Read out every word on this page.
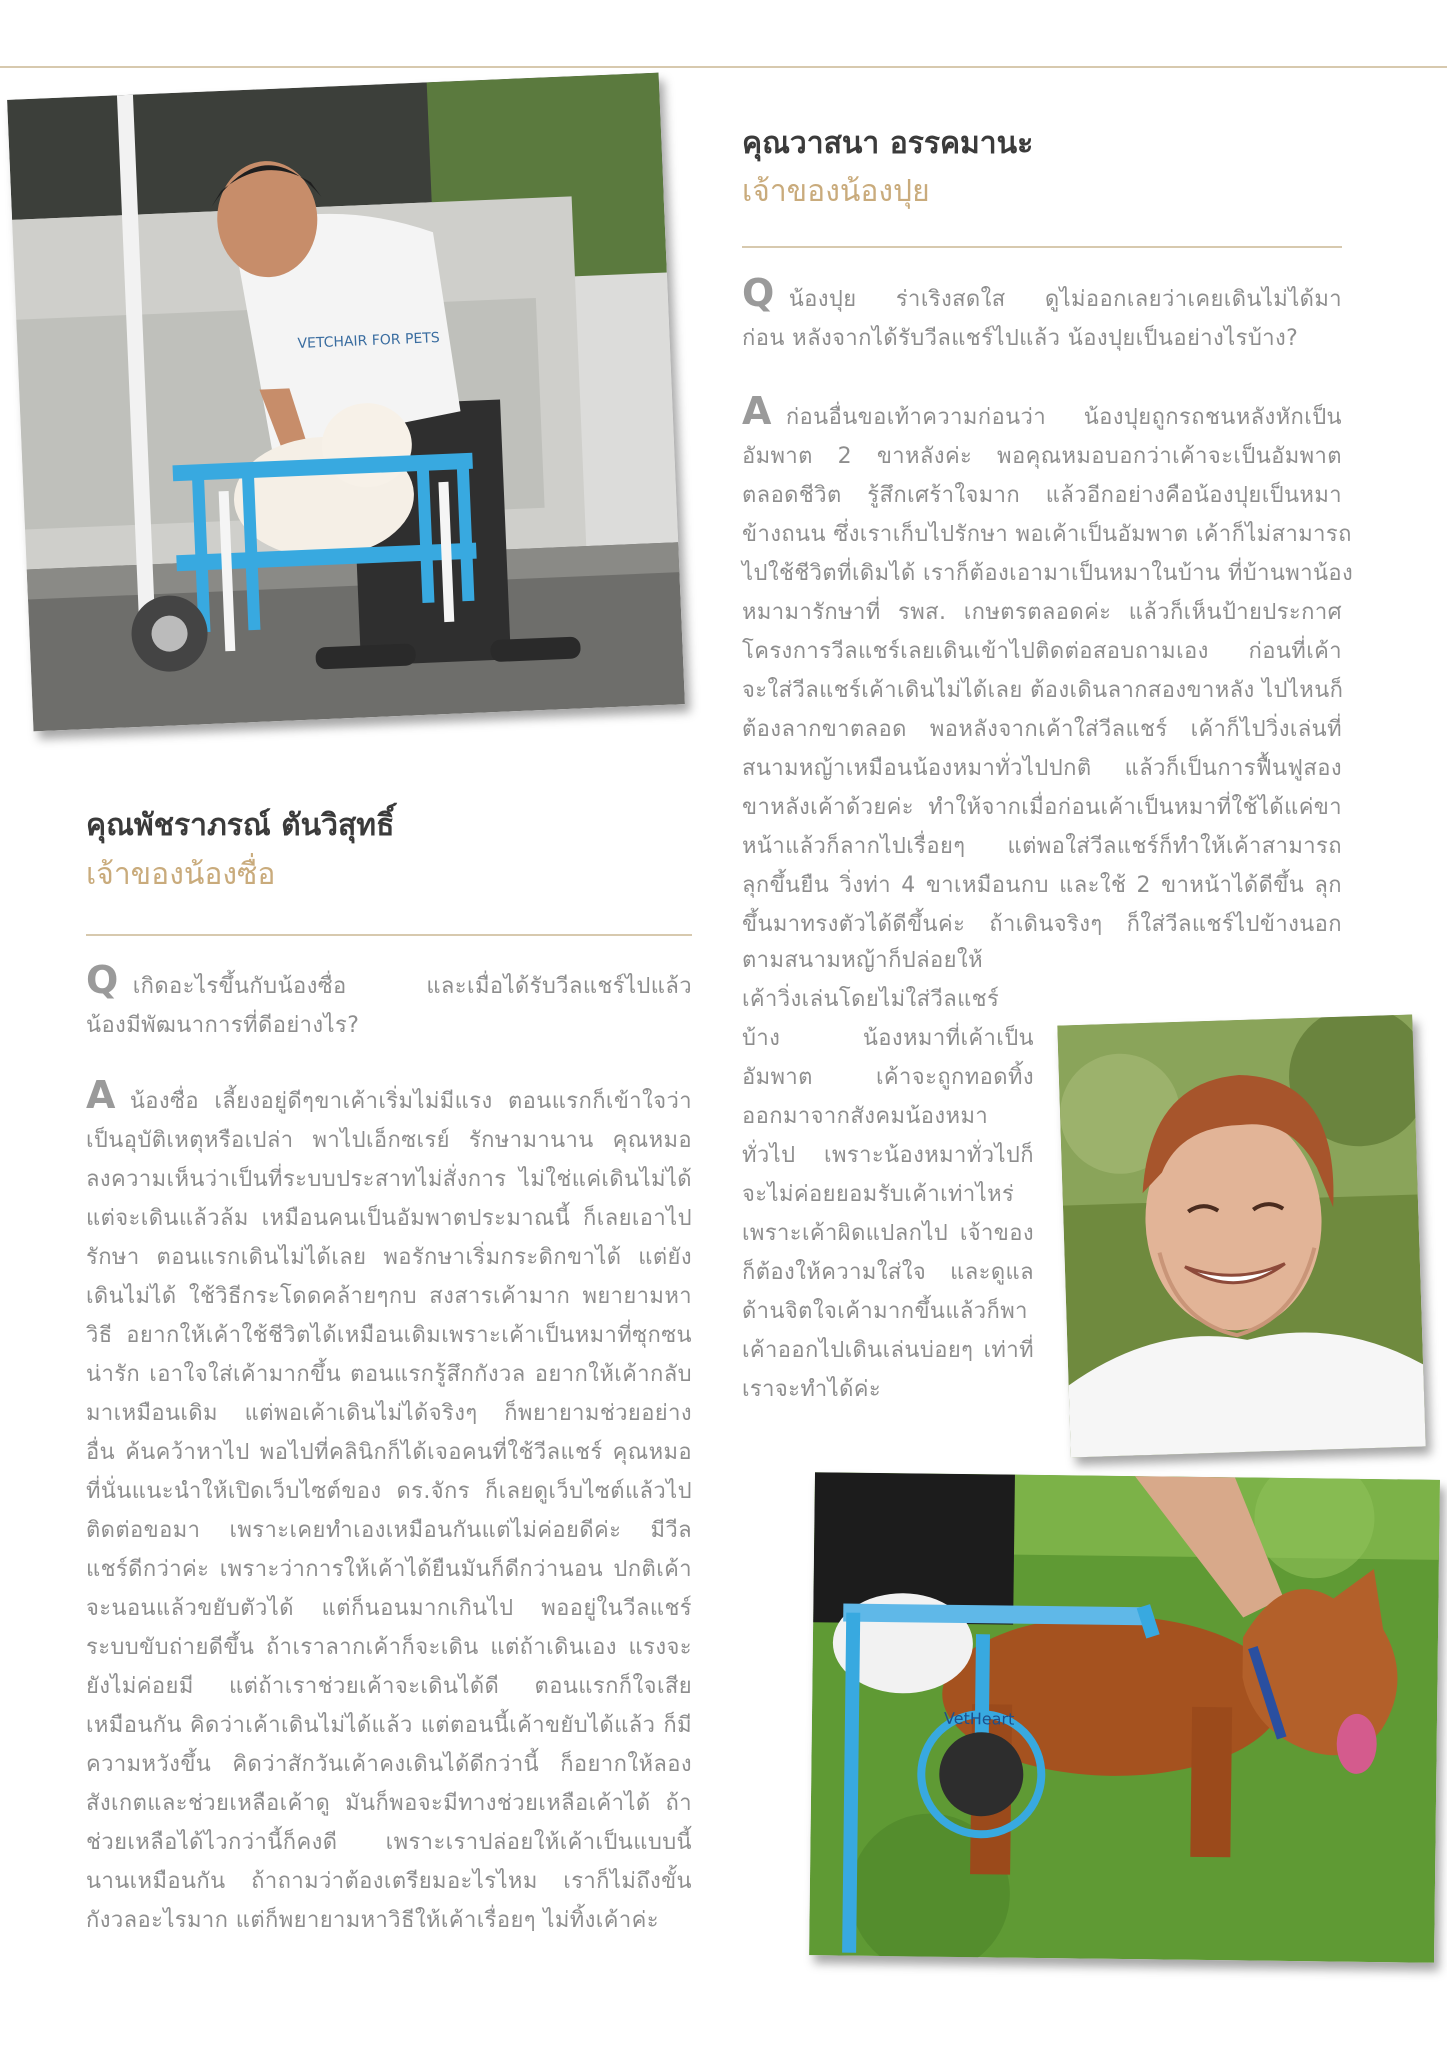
VETCHAIR FOR PETS
คุณวาสนา อรรคมานะ

เจ้าของน้องปุย

Qน้องปุย ร่าเริงสดใส ดูไม่ออกเลยว่าเคยเดินไม่ได้มา
ก่อน หลังจากได้รับวีลแชร์ไปแล้ว น้องปุยเป็นอย่างไรบ้าง?
Aก่อนอื่นขอเท้าความก่อนว่า น้องปุยถูกรถชนหลังหักเป็น
อัมพาต 2 ขาหลังค่ะ พอคุณหมอบอกว่าเค้าจะเป็นอัมพาต
ตลอดชีวิต รู้สึกเศร้าใจมาก แล้วอีกอย่างคือน้องปุยเป็นหมา
ข้างถนน ซึ่งเราเก็บไปรักษา พอเค้าเป็นอัมพาต เค้าก็ไม่สามารถ
ไปใช้ชีวิตที่เดิมได้ เราก็ต้องเอามาเป็นหมาในบ้าน ที่บ้านพาน้อง
หมามารักษาที่ รพส. เกษตรตลอดค่ะ แล้วก็เห็นป้ายประกาศ
โครงการวีลแชร์เลยเดินเข้าไปติดต่อสอบถามเอง ก่อนที่เค้า
จะใส่วีลแชร์เค้าเดินไม่ได้เลย ต้องเดินลากสองขาหลัง ไปไหนก็
ต้องลากขาตลอด พอหลังจากเค้าใส่วีลแชร์ เค้าก็ไปวิ่งเล่นที่
สนามหญ้าเหมือนน้องหมาทั่วไปปกติ แล้วก็เป็นการฟื้นฟูสอง
ขาหลังเค้าด้วยค่ะ ทำให้จากเมื่อก่อนเค้าเป็นหมาที่ใช้ได้แค่ขา
หน้าแล้วก็ลากไปเรื่อยๆ แต่พอใส่วีลแชร์ก็ทำให้เค้าสามารถ
ลุกขึ้นยืน วิ่งท่า 4 ขาเหมือนกบ และใช้ 2 ขาหน้าได้ดีขึ้น ลุก
ขึ้นมาทรงตัวได้ดีขึ้นค่ะ ถ้าเดินจริงๆ ก็ใส่วีลแชร์ไปข้างนอก
ตามสนามหญ้าก็ปล่อยให้
เค้าวิ่งเล่นโดยไม่ใส่วีลแชร์
บ้าง น้องหมาที่เค้าเป็น
อัมพาต เค้าจะถูกทอดทิ้ง
ออกมาจากสังคมน้องหมา
ทั่วไป เพราะน้องหมาทั่วไปก็
จะไม่ค่อยยอมรับเค้าเท่าไหร่
เพราะเค้าผิดแปลกไป เจ้าของ
ก็ต้องให้ความใส่ใจ และดูแล
ด้านจิตใจเค้ามากขึ้นแล้วก็พา
เค้าออกไปเดินเล่นบ่อยๆ เท่าที่
เราจะทำได้ค่ะ
คุณพัชราภรณ์ ตันวิสุทธิ์

เจ้าของน้องซื่อ

Qเกิดอะไรขึ้นกับน้องซื่อ และเมื่อได้รับวีลแชร์ไปแล้ว
น้องมีพัฒนาการที่ดีอย่างไร?
Aน้องซื่อ เลี้ยงอยู่ดีๆขาเค้าเริ่มไม่มีแรง ตอนแรกก็เข้าใจว่า
เป็นอุบัติเหตุหรือเปล่า พาไปเอ็กซเรย์ รักษามานาน คุณหมอ
ลงความเห็นว่าเป็นที่ระบบประสาทไม่สั่งการ ไม่ใช่แค่เดินไม่ได้
แต่จะเดินแล้วล้ม เหมือนคนเป็นอัมพาตประมาณนี้ ก็เลยเอาไป
รักษา ตอนแรกเดินไม่ได้เลย พอรักษาเริ่มกระดิกขาได้ แต่ยัง
เดินไม่ได้ ใช้วิธีกระโดดคล้ายๆกบ สงสารเค้ามาก พยายามหา
วิธี อยากให้เค้าใช้ชีวิตได้เหมือนเดิมเพราะเค้าเป็นหมาที่ซุกซน
น่ารัก เอาใจใส่เค้ามากขึ้น ตอนแรกรู้สึกกังวล อยากให้เค้ากลับ
มาเหมือนเดิม แต่พอเค้าเดินไม่ได้จริงๆ ก็พยายามช่วยอย่าง
อื่น ค้นคว้าหาไป พอไปที่คลินิกก็ได้เจอคนที่ใช้วีลแชร์ คุณหมอ
ที่นั่นแนะนำให้เปิดเว็บไซต์ของ ดร.จักร ก็เลยดูเว็บไซต์แล้วไป
ติดต่อขอมา เพราะเคยทำเองเหมือนกันแต่ไม่ค่อยดีค่ะ มีวีล
แชร์ดีกว่าค่ะ เพราะว่าการให้เค้าได้ยืนมันก็ดีกว่านอน ปกติเค้า
จะนอนแล้วขยับตัวได้ แต่ก็นอนมากเกินไป พออยู่ในวีลแชร์
ระบบขับถ่ายดีขึ้น ถ้าเราลากเค้าก็จะเดิน แต่ถ้าเดินเอง แรงจะ
ยังไม่ค่อยมี แต่ถ้าเราช่วยเค้าจะเดินได้ดี ตอนแรกก็ใจเสีย
เหมือนกัน คิดว่าเค้าเดินไม่ได้แล้ว แต่ตอนนี้เค้าขยับได้แล้ว ก็มี
ความหวังขึ้น คิดว่าสักวันเค้าคงเดินได้ดีกว่านี้ ก็อยากให้ลอง
สังเกตและช่วยเหลือเค้าดู มันก็พอจะมีทางช่วยเหลือเค้าได้ ถ้า
ช่วยเหลือได้ไวกว่านี้ก็คงดี เพราะเราปล่อยให้เค้าเป็นแบบนี้
นานเหมือนกัน ถ้าถามว่าต้องเตรียมอะไรไหม เราก็ไม่ถึงขั้น
กังวลอะไรมาก แต่ก็พยายามหาวิธีให้เค้าเรื่อยๆ ไม่ทิ้งเค้าค่ะ
VetHeart
